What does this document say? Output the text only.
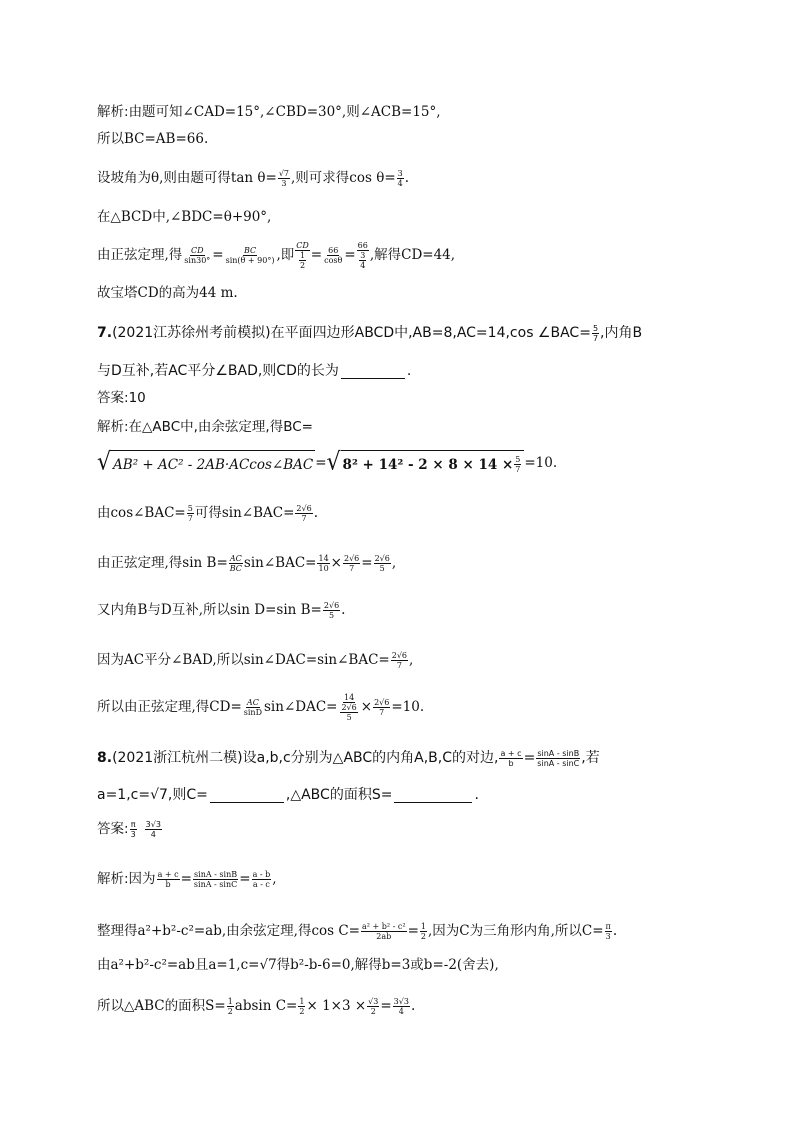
解析: 由题可知∠CAD=15°,∠CBD=30°,则∠ACB=15°,
所以BC=AB=66.
设坡角为θ,则由题可得$\tan \theta= \frac{√7}{3}$ ,则可求得$\cos \theta= \frac{3}{4}$ .
在△BCD中,∠BDC=θ+90°,
由正弦定理,得 $\frac{CD}{\sin 30^\circ} = \frac{BC}{\sin(\theta + 90^\circ)}$ ,即 $\frac{CD}{\frac{1}{2}} = \frac{66}{\cos\theta} = \frac{66}{\frac{3}{4}}$ ,解得CD=44,
故宝塔CD的高为44 m.
7. (2021江苏徐州考前模拟)在平面四边形ABCD中,AB=8,AC=14,cos ∠BAC= $\frac{5}{7}$ ,内角B
与D互补,若AC平分∠BAD,则CD的长为	.
答案: 10
解析:在△ABC中,由余弦定理,得BC=
√ AB² + AC² - 2AB·ACcos∠BAC = √ $8^2 + 14^2 - 2 \times 8 \times 14 \times \frac{5}{7} =10$.
由cos∠BAC= $\frac{5}{7}$ 可得sin∠BAC= $\frac{2√6}{7}$ .
由正弦定理,得$\sin B= \frac{AC}{BC}$ sin∠BAC= $\frac{14}{10} \times \frac{2√6}{7} = \frac{2√6}{5}$ ,
又内角B与D互补,所以sin D=sin $B= \frac{2√6}{5}$ .
因为AC平分∠BAD,所以sin∠DAC=sin∠BAC= $\frac{2√6}{7}$ ,
所以由正弦定理,得$CD= \frac{AC}{\sin D}$ sin∠DAC= $\frac{14}{\frac{2√6}{5}} \times \frac{2√6}{7} =10$.
8. (2021浙江杭州二模)设a,b,c分别为△ABC的内角A,B,C的对边, $\frac{a + c}{b} = \frac{\sin A - \sin B}{\sin A - \sin C}$ ,若
a=1,c=√7,则C=	,△ABC的面积S=	.
答案: $\frac{\pi}{3} \frac{3√3}{4}$
解析:因为 $\frac{a + c}{b} = \frac{\sin A - \sin B}{\sin A - \sin C} = \frac{a - b}{a - c}$ ,
整理得a²+b²-c²=ab,由余弦定理,得$\cos C= \frac{\text{a² + b² - c²}}{2ab} = \frac{1}{2}$ ,因为C为三角形内角,所以$C= \frac{\pi}{3}$ .
由a²+b²-c²=ab且a=1,c=√7得b²-b-6=0,解得b=3或b=-2(舍去),
所以△ABC的面积$S= \frac{1}{2}$ absin $C= \frac{1}{2} \times 1\times 3 \times \frac{√3}{2} = \frac{3√3}{4}$ .
